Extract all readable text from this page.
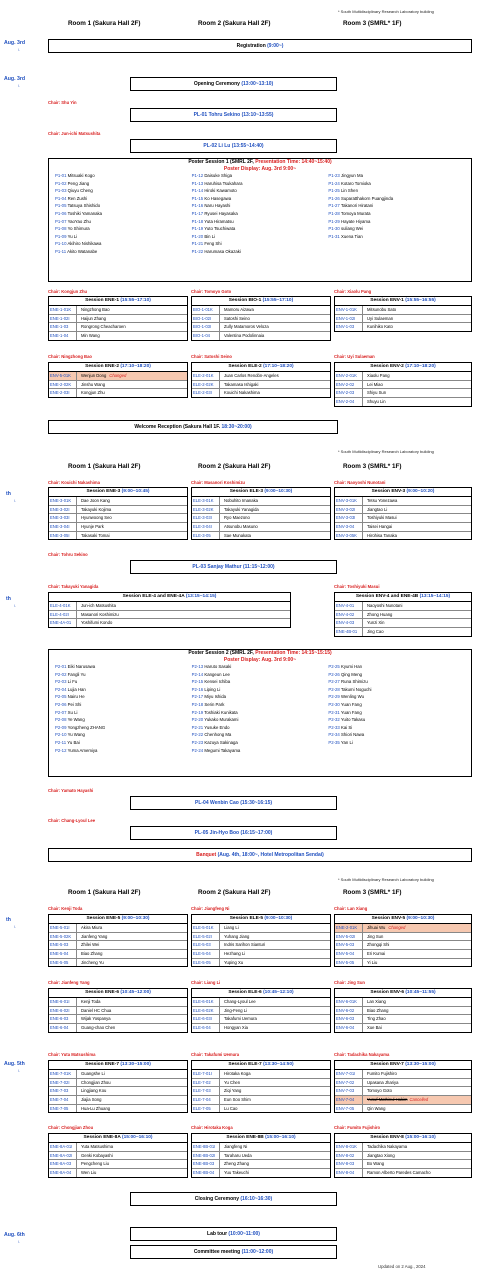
* South Multidisciplinary Research Laboratory building
Room 1 (Sakura Hall 2F)	Room 2 (Sakura Hall 2F)	Room 3 (SMRL* 1F)
Aug. 3rd
/.
Registration
(9:00~)
Aug. 3rd
/.	Opening Ceremony
(13:00~13:10)
Chair: Shu Yin
PL-01 Tohru Sekino
(13:10~13:55)
Chair: Jun-ichi Matsushita
PL-02 Li Lu
(13:55~14:40)
Poster Session 1 (SMRL 2F, Presentation Time: 14:40~15:40)
Poster Display: Aug. 3rd 9:00~
P1-01 Mitsuaki Kogo	P1-12 Daisuke Shiga	P1-23 Jingyun Ma
P1-02 Peng Jiang	P1-13 Haruhisa Tsukahara	P1-24 Kotaro Tomioka
P1-03 Qiuyu Cheng	P1-14 Hiroki Kawamoto	P1-25 Lin Shen
P1-04 Ren Zushi	P1-15 Ko Hasegawa	P1-26 Suparatthakorn Puangjinda
P1-05 Tatsuya Shishido	P1-16 Naru Hayashi	P1-27 Takanori Hiratani
P1-06 Toshiki Yamanaka	P1-17 Ryusei Hayasaka	P1-28 Tomoya Murata
P1-07 YaoYao Zhu	P1-18 Yuta Hiramatsu	P1-29 Hayate Hiyama
P1-08 Yo Shimura	P1-19 Yuto Tsuchiwata	P1-30 suliang Wei
P1-09 Yu Li	P1-20 Bin Li	P1-31 Xuena Tian
P1-10 Akihiro Nishikawa	P1-21 Feng Shi
P1-11 Akito Watanabe	P1-22 Harumasa Okazaki
Chair: Kongjun Zhu	Chair: Tomoyo Goto	Chair: Xiaolu Pang
Session ENE-1 (15:55~17:10)
ENE-1-01K	Ningzhong Bao
ENE-1-02I	Haijun Zhang
ENE-1-03	Rongrong Cheacharoen
ENE-1-04	Min Wang
Session BIO-1 (15:55~17:10)
BIO-1-01K	Mamoru Aizawa
BIO-1-02I	Satoshi Seino
BIO-1-03I	Zully Matamoros Veloza
BIO-1-04	Valentina Podolinnaia
Session ENV-1 (15:55~16:55)
ENV-1-01K	Mitsunobu Sato
ENV-1-02I	Uyi Sulaeman
ENV-1-03	Kunihiko Kato
Chair: Ningzhong Bao	Chair: Satoshi Seino	Chair: Uyi Sulaeman
Session ENE-2 (17:10~18:20)
ENV-5-01K	Wenjun Dong Changed
ENE-2-02K	Jinshu Wang
ENE-2-03I	Kongjun Zhu
Session ELE-2 (17:10~18:20)
ELE-2-01K	Juan Carlos Rendón-Angeles
ELE-2-02K	Takamasa Ishigaki
ELE-2-03I	Kouichi Nakashima
Session ENV-2 (17:10~18:20)
ENV-2-01K	Xiaolu Pang
ENV-2-02	Lei Miao
ENV-2-03	Shiyu Sun
ENV-2-04	Shuyu Lin
Welcome Reception (Sakura Hall 1F.
18:30~20:00)
* South Multidisciplinary Research Laboratory building
Room 1 (Sakura Hall 2F)	Room 2 (Sakura Hall 2F)	Room 3 (SMRL* 1F)
Chair: Kouichi Nakashima	Chair: Masanori Koshimizu	Chair: Naoyoshi Nunotani
th
/.
Session ENE-3 (9:00~10:45)
ENE-3-01K	Dae Joon Kang
ENE-3-02I	Takayuki Kojima
ENE-3-03I	Hyunwoong Seo
ENE-3-04I	Hyunje Park
ENE-3-05I	Takasaki Tomai
Session ELE-3 (9:00~10:30)
ELE-3-01K	Nobuhito Imanaka
ELE-3-02K	Takayuki Yanagida
ELE-3-03I	Ryo Maezono
ELE-3-04I	Atsunobu Masuno
ELE-3-05	Sae Munakata
Session ENV-3 (9:00~10:20)
ENV-3-01K	Tetsu Yonezawa
ENV-3-02I	Jiangtao Li
ENV-3-03I	Toshiyuki Masui
ENV-3-04	Taisei Hangai
ENV-3-05K	Hirohisa Tanaka
Chair: Tohru Sekino
PL-03 Sanjay Mathur
(11:15~12:00)
Chair: Takayuki Yanagida	Chair: Toshiyuki Masui
th
/.
Session ELE-4 and ENE-4A (13:15~14:15)
ELE-4-01K	Jun-ich Matsushita
ELE-4-02I	Masanori Koshimizu
ENE-4A-01	Yoshifumi Kondo
Session ENV-4 and ENE-4B (13:15~14:15)
ENV-4-01	Naoyoshi Nunotani
ENV-4-02	Zhong Huang
ENV-4-03	Yunzi Xin
ENE-4B-01	Jing Cao
Poster Session 2 (SMRL 2F, Presentation Time: 14:15~15:15)
Poster Display: Aug. 3rd 9:00~
P2-01 Eiki Narusawa	P2-13 Haruto Sasaki	P2-25 Kyumi Han
P2-02 Fangli Yu	P2-14 Kangeun Lee	P2-26 Qing Meng
P2-03 Li Fu	P2-15 Kensei Ichiba	P2-27 Runa Shimizu
P2-04 Lujia Han	P2-16 Liping Li	P2-28 Takumi Noguchi
P2-05 Nairu He	P2-17 Miyu Ishida	P2-29 Wenling Wu
P2-06 Pei Shi	P2-18 Serin Park	P2-30 Yuan Fang
P2-07 Xu Li	P2-19 Toshiaki Kunikata	P2-31 Yuan Fang
P2-08 Ye Wang	P2-20 Yukako Murakami	P2-32 Yuito Takasu
P2-09 Yongzheng ZHANG	P2-21 Yusuke Endo	P2-33 Kai Si
P2-10 Yu Wang	P2-22 Chenhong Ma	P2-34 Shiori Nawa
P2-11 Yu Bai	P2-23 Kazuya Sakinaga	P2-35 Yan Li
P2-12 Yuma Amemiya	P2-24 Megumi Takayama
Chair: Yamato Hayashi
PL-04 Wenbin Cao
(15:30~16:15)
Chair: Chang-Lyoul Lee
PL-05 Jin-Hyo Boo
(16:15~17:00)
Banquet
(Aug. 4th, 18:00~, Hotel Metropolitan Sendai)
* South Multidisciplinary Research Laboratory building
Room 1 (Sakura Hall 2F)	Room 2 (Sakura Hall 2F)	Room 3 (SMRL* 1F)
Chair: Kenji Toda	Chair: Jiangfeng Ni	Chair: Lan Xiang
th
/.
Session ENE-5 (9:00~10:30)
ENE-5-01I	Akira Miura
ENE-5-02K	Jianfeng Yang
ENE-5-03	Zhilei Wei
ENE-5-04	Biao Zhang
ENE-5-05	Jincheng Yu
Session ELE-5 (9:00~10:30)
ELE-5-01K	Liang Li
ELE-5-02I	Yuhang Jiang
ELE-5-03	Indris Sarihon Sianturi
ELE-5-04	Hezhang Li
ELE-5-05	Yuping Xu
Session ENV-5 (9:00~10:30)
ENE-2-01K	Jihuai Wu Changed
ENV-5-02I	Jing Sun
ENV-5-03	Zhongqi Shi
ENV-5-04	Eri Kumai
ENV-5-05	Yi Liu
Chair: Jianfeng Yang	Chair: Liang Li	Chair: Jing Sun
Session ENE-6 (10:45~12:00)
ENE-6-01I	Kenji Toda
ENE-6-02I	Daniel HC Chua
ENE-6-03	Wijak Yospanya
ENE-6-04	Guang-chao Chen
Session ELE-6 (10:45~12:10)
ELE-6-01K	Chang-Lyoul Lee
ELE-6-02K	Jing-Feng Li
ELE-6-03I	Takafumi Uemura
ELE-6-04	Hongyan Xia
Session ENV-6 (10:45~11:55)
ENV-6-01K	Lan Xiang
ENV-6-02	Biao Zhang
ENV-6-03	Ting Zhao
ENV-6-04	Xue Bai
Chair: Yuta Matsushima	Chair: Takafumi Uemura	Chair: Tadachika Nakayama
Aug. 5th
/.
Session ENE-7 (13:30~15:00)
ENE-7-01K	Guangshe Li
ENE-7-02I	Chongjian Zhou
ENE-7-03	Lingjiang Kou
ENE-7-04	Jiajia Song
ENE-7-05	Hua-Lu Zhuang
Session ELE-7 (13:30~14:50)
ELE-7-01I	Hirotaka Koga
ELE-7-02	Yu Chen
ELE-7-03	Ziqi Yang
ELE-7-04	Eun Soo Shim
ELE-7-05	Lu Cao
Session ENV-7 (13:30~15:00)
ENV-7-01I	Fumito Fujishiro
ENV-7-02	Upasana Jhariya
ENV-7-03	Tomoyo Goto
ENV-7-04	Yusuf Mathinul Hakim Cancelled
ENV-7-05	Qin Wang
Chair: Chongjian Zhou	Chair: Hirotaka Koga	Chair: Fumito Fujishiro
Session ENE-8A (15:00~16:10)
ENE-8A-01I	Yuta Matsushima
ENE-8A-02I	Genki Kobayashi
ENE-8A-03	Pengcheng Liu
ENE-8A-04	Wen Liu
Session ENE-8B (15:00~16:10)
ENE-8B-01I	Jiangfeng Ni
ENE-8B-02I	Taraharu Ueda
ENE-8B-03	Zheng Zhang
ENE-8B-04	Yuu Takeuchi
Session ENV-8 (15:00~16:10)
ENV-8-01K	Tadachika Nakayama
ENV-8-02	Jiangtao Xiong
ENV-8-03	Bo Wang
ENV-8-04	Ramon Alberto Paredes Camacho
Closing Ceremony
(16:10~16:30)
Aug. 6th
/.
Lab tour
(10:00~11:00)
Committee meeting
(11:00~12:00)
Updated on 2 Aug., 2024
